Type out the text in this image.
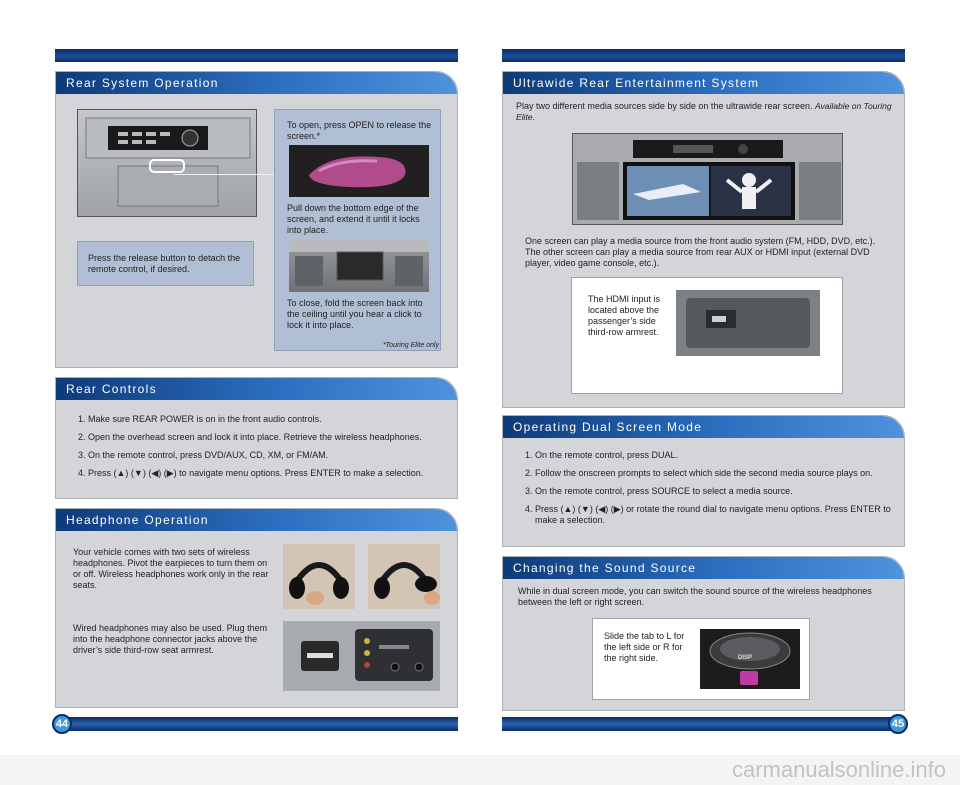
44	45
Rear System Operation
Press the release button to detach the remote control, if desired.
To open, press OPEN to release the screen.*
Pull down the bottom edge of the screen, and extend it until it locks into place.
To close, fold the screen back into the ceiling until you hear a click to lock it into place.
*Touring Elite only
Rear Controls
1. Make sure REAR POWER is on in the front audio controls.
2. Open the overhead screen and lock it into place. Retrieve the wireless headphones.
3. On the remote control, press DVD/AUX, CD, XM, or FM/AM.
4. Press (▲) (▼) (◀) (▶) to navigate menu options. Press ENTER to make a selection.
Headphone Operation
Your vehicle comes with two sets of wireless headphones. Pivot the earpieces to turn them on or off. Wireless headphones work only in the rear seats.
Wired headphones may also be used. Plug them into the headphone connector jacks above the driver’s side third-row seat armrest.
Ultrawide Rear Entertainment System
Play two different media sources side by side on the ultrawide rear screen. Available on Touring Elite.
One screen can play a media source from the front audio system (FM, HDD, DVD, etc.). The other screen can play a media source from rear AUX or HDMI input (external DVD player, video game console, etc.).
The HDMI input is located above the passenger’s side third-row armrest.
Operating Dual Screen Mode
1. On the remote control, press DUAL.
2. Follow the onscreen prompts to select which side the second media source plays on.
3. On the remote control, press SOURCE to select a media source.
4. Press (▲) (▼) (◀) (▶) or rotate the round dial to navigate menu options. Press ENTER to make a selection.
Changing the Sound Source
While in dual screen mode, you can switch the sound source of the wireless headphones between the left or right screen.
Slide the tab to L for the left side or R for the right side.	DISP
carmanualsonline.info
